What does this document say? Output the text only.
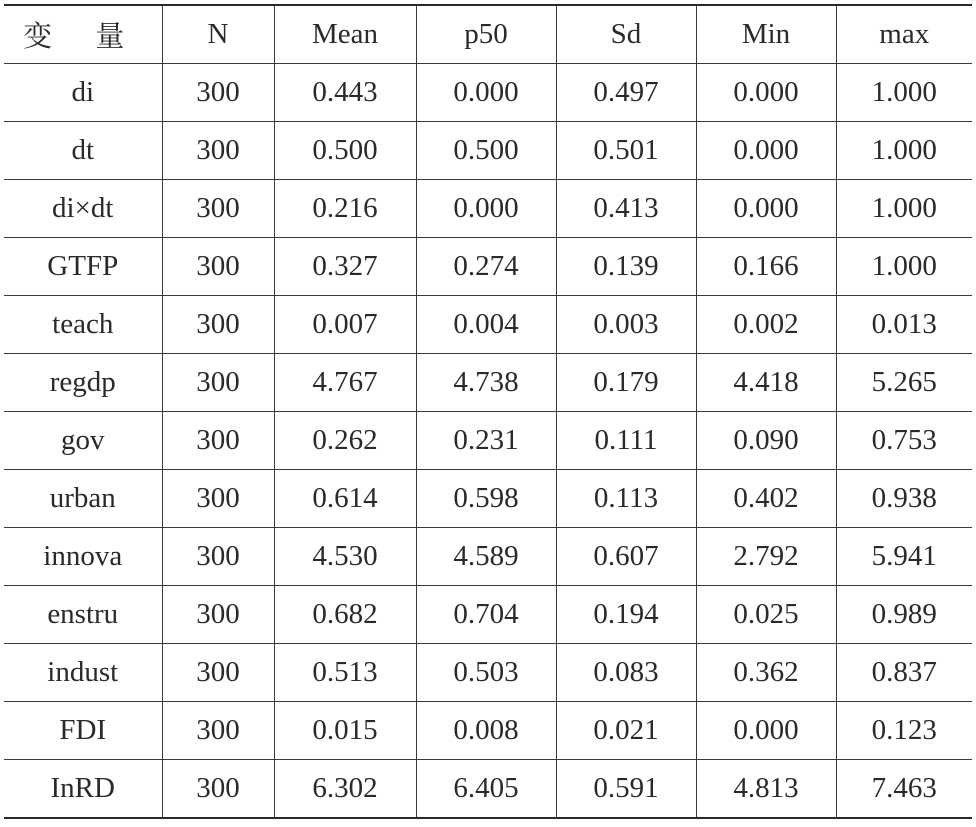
变 量	N	Mean	p50	Sd	Min	max
di	300	0.443	0.000	0.497	0.000	1.000
dt	300	0.500	0.500	0.501	0.000	1.000
di×dt	300	0.216	0.000	0.413	0.000	1.000
GTFP	300	0.327	0.274	0.139	0.166	1.000
teach	300	0.007	0.004	0.003	0.002	0.013
regdp	300	4.767	4.738	0.179	4.418	5.265
gov	300	0.262	0.231	0.111	0.090	0.753
urban	300	0.614	0.598	0.113	0.402	0.938
innova	300	4.530	4.589	0.607	2.792	5.941
enstru	300	0.682	0.704	0.194	0.025	0.989
indust	300	0.513	0.503	0.083	0.362	0.837
FDI	300	0.015	0.008	0.021	0.000	0.123
InRD	300	6.302	6.405	0.591	4.813	7.463
